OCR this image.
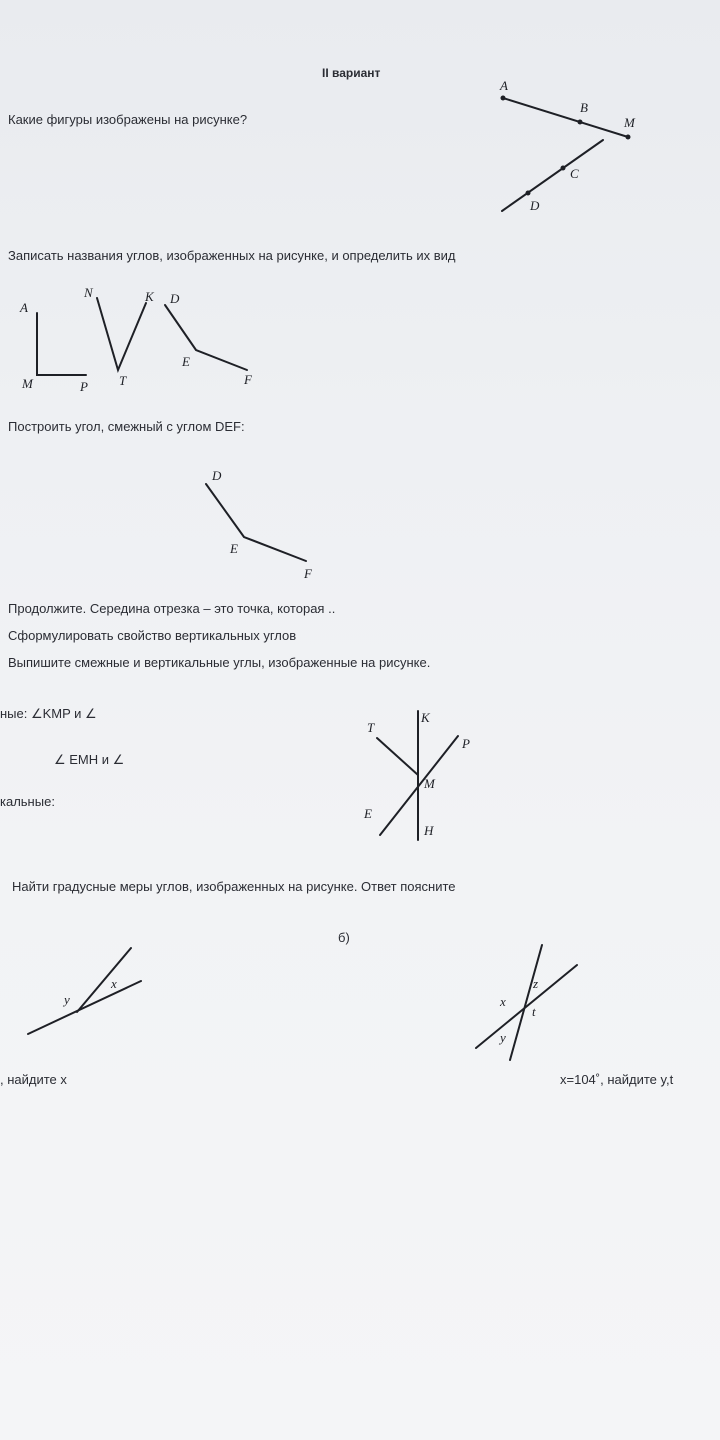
II вариант
Какие фигуры изображены на рисунке?
Записать названия углов, изображенных на рисунке, и определить их вид
Построить угол, смежный с углом DEF:
Продолжите. Середина отрезка – это точка, которая ..
Сформулировать свойство вертикальных углов
Выпишите смежные и вертикальные углы, изображенные на рисунке.
ные: ∠KMP и ∠
∠ EMH и ∠
кальные:
Найти градусные меры углов, изображенных на рисунке. Ответ поясните
б)
, найдите x	x=104˚, найдите y,t
A
B
M
C
D
A
M	P
N
T
K D
E
F
D
E
F
T
K
P
M
E
H
x
y	x
z
y
t
